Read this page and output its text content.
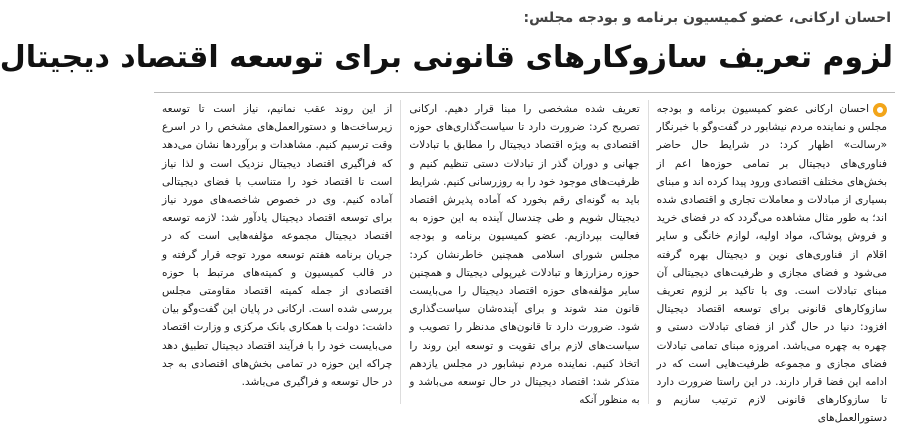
احسان ارکانی، عضو کمیسیون برنامه و بودجه مجلس:
لزوم تعریف سازوکارهای قانونی برای توسعه اقتصاد دیجیتال

احسان ارکانی عضو کمیسیون برنامه و بودجه مجلس و نماینده مردم نیشابور در گفت‌وگو با خبرنگار «رسالت» اظهار کرد: در شرایط حال حاضر فناوری‌های دیجیتال بر تمامی حوزه‌ها اعم از بخش‌های مختلف اقتصادی ورود پیدا کرده اند و مبنای بسیاری از مبادلات و معاملات تجاری و اقتصادی شده اند؛ به طور مثال مشاهده می‌گردد که در فضای خرید و فروش پوشاک، مواد اولیه، لوازم خانگی و سایر اقلام از فناوری‌های نوین و دیجیتال بهره گرفته می‌شود و فضای مجازی و ظرفیت‌های دیجیتالی آن مبنای تبادلات است. وی با تاکید بر لزوم تعریف سازوکارهای قانونی برای توسعه اقتصاد دیجیتال افزود: دنیا در حال گذر از فضای تبادلات دستی و چهره به چهره می‌باشد. امروزه مبنای تمامی تبادلات فضای مجازی و مجموعه ظرفیت‌هایی است که در ادامه این فضا قرار دارند. در این راستا ضرورت دارد تا سازوکارهای قانونی لازم ترتیب سازیم و دستورالعمل‌های

تعریف شده مشخصی را مبنا قرار دهیم. ارکانی تصریح کرد: ضرورت دارد تا سیاست‌گذاری‌های حوزه اقتصادی به ویژه اقتصاد دیجیتال را مطابق با تبادلات جهانی و دوران گذر از تبادلات دستی تنظیم کنیم و ظرفیت‌های موجود خود را به روزرسانی کنیم. شرایط باید به گونه‌ای رقم بخورد که آماده پذیرش اقتصاد دیجیتال شویم و طی چندسال آینده به این حوزه به فعالیت بپردازیم. عضو کمیسیون برنامه و بودجه مجلس شورای اسلامی همچنین خاطرنشان کرد: حوزه رمزارزها و تبادلات غیرپولی دیجیتال و همچنین سایر مؤلفه‌های حوزه اقتصاد دیجیتال را می‌بایست قانون مند شوند و برای آینده‌شان سیاست‌گذاری شود. ضرورت دارد تا قانون‌های مدنظر را تصویب و سیاست‌های لازم برای تقویت و توسعه این روند را اتخاذ کنیم. نماینده مردم نیشابور در مجلس یازدهم متذکر شد: اقتصاد دیجیتال در حال توسعه می‌باشد و به منظور آنکه

از این روند عقب نمانیم، نیاز است تا توسعه زیرساخت‌ها و دستورالعمل‌های مشخص را در اسرع وقت ترسیم کنیم. مشاهدات و برآوردها نشان می‌دهد که فراگیری اقتصاد دیجیتال نزدیک است و لذا نیاز است تا اقتصاد خود را متناسب با فضای دیجیتالی آماده کنیم. وی در خصوص شاخصه‌های مورد نیاز برای توسعه اقتصاد دیجیتال یادآور شد: لازمه توسعه اقتصاد دیجیتال مجموعه مؤلفه‌هایی است که در جریان برنامه هفتم توسعه مورد توجه قرار گرفته و در قالب کمیسیون و کمیته‌های مرتبط با حوزه اقتصادی از جمله کمیته اقتصاد مقاومتی مجلس بررسی شده است. ارکانی در پایان این گفت‌وگو بیان داشت: دولت با همکاری بانک مرکزی و وزارت اقتصاد می‌بایست خود را با فرآیند اقتصاد دیجیتال تطبیق دهد چراکه این حوزه در تمامی بخش‌های اقتصادی به جد در حال توسعه و فراگیری می‌باشد.
